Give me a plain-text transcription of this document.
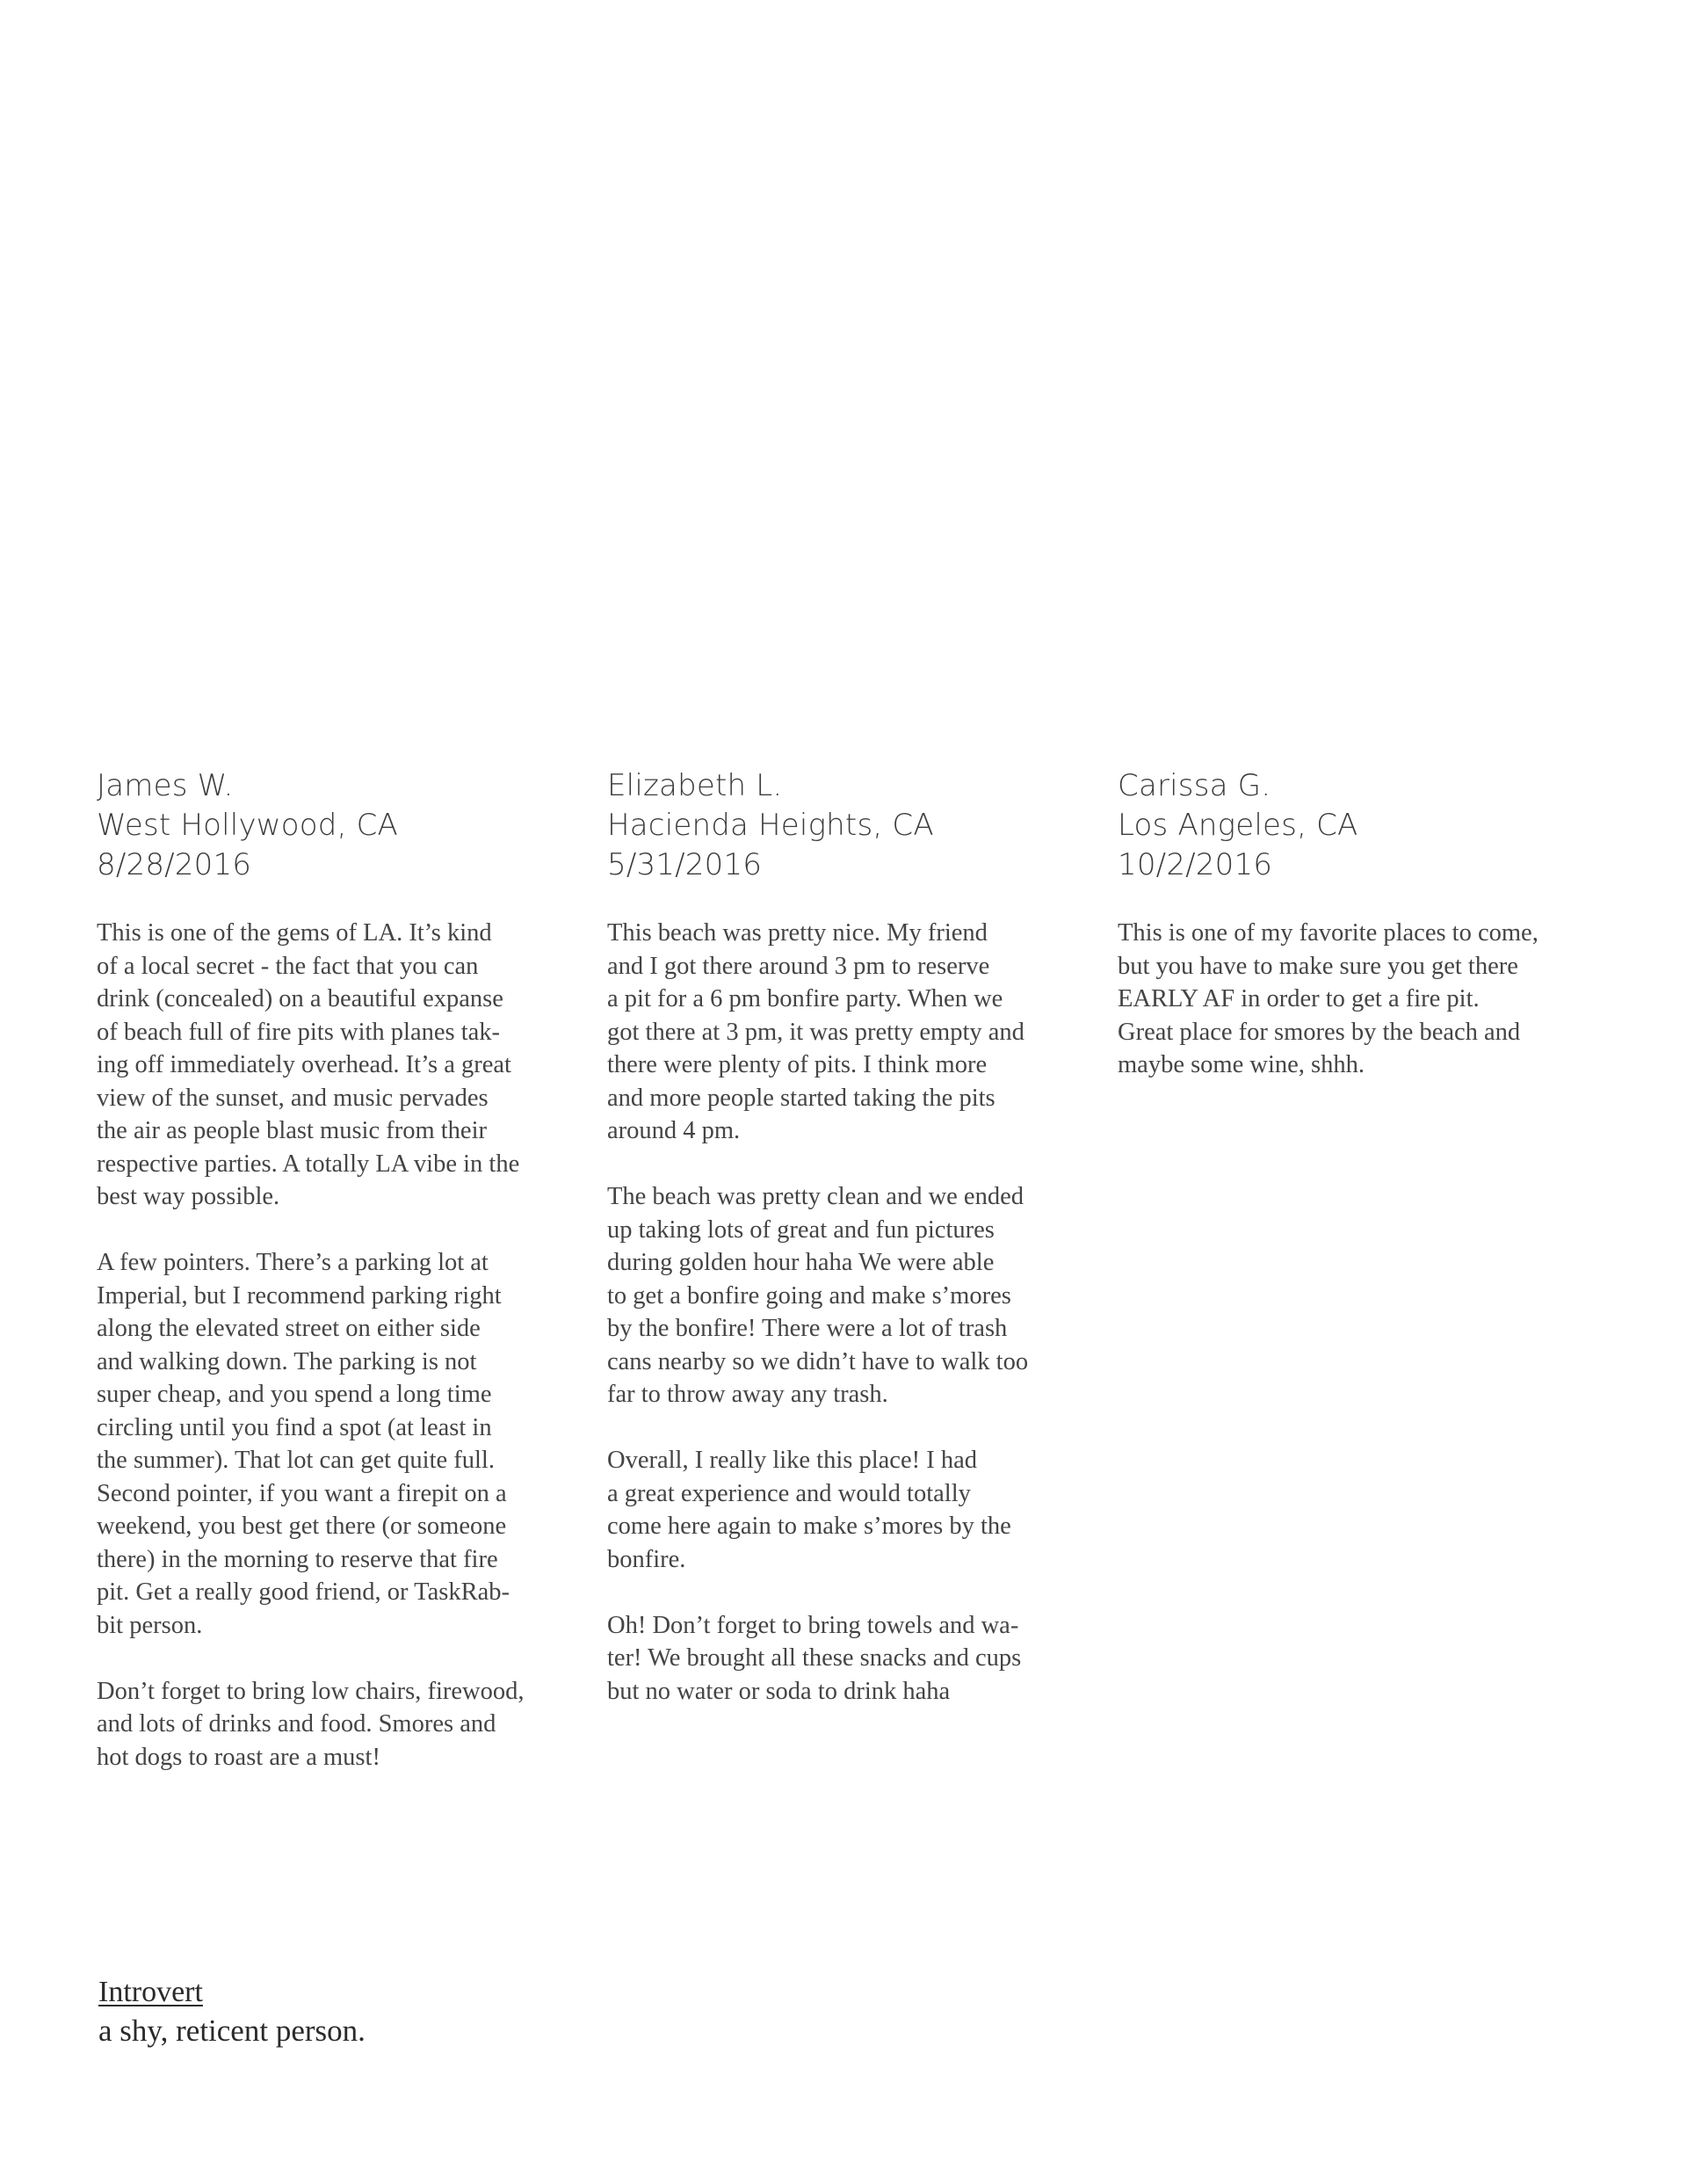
James W.
West Hollywood, CA
8/28/2016

This is one of the gems of LA. It’s kind
of a local secret - the fact that you can
drink (concealed) on a beautiful expanse
of beach full of fire pits with planes tak-
ing off immediately overhead. It’s a great
view of the sunset, and music pervades
the air as people blast music from their
respective parties. A totally LA vibe in the
best way possible.

A few pointers. There’s a parking lot at
Imperial, but I recommend parking right
along the elevated street on either side
and walking down. The parking is not
super cheap, and you spend a long time
circling until you find a spot (at least in
the summer). That lot can get quite full.
Second pointer, if you want a firepit on a
weekend, you best get there (or someone
there) in the morning to reserve that fire
pit. Get a really good friend, or TaskRab-
bit person.

Don’t forget to bring low chairs, firewood,
and lots of drinks and food. Smores and
hot dogs to roast are a must!

Elizabeth L.
Hacienda Heights, CA
5/31/2016

This beach was pretty nice. My friend
and I got there around 3 pm to reserve
a pit for a 6 pm bonfire party. When we
got there at 3 pm, it was pretty empty and
there were plenty of pits. I think more
and more people started taking the pits
around 4 pm.

The beach was pretty clean and we ended
up taking lots of great and fun pictures
during golden hour haha We were able
to get a bonfire going and make s’mores
by the bonfire! There were a lot of trash
cans nearby so we didn’t have to walk too
far to throw away any trash.

Overall, I really like this place! I had
a great experience and would totally
come here again to make s’mores by the
bonfire.

Oh! Don’t forget to bring towels and wa-
ter! We brought all these snacks and cups
but no water or soda to drink haha

Carissa G.
Los Angeles, CA
10/2/2016

This is one of my favorite places to come,
but you have to make sure you get there
EARLY AF in order to get a fire pit.
Great place for smores by the beach and
maybe some wine, shhh.

Introvert
a shy, reticent person.
